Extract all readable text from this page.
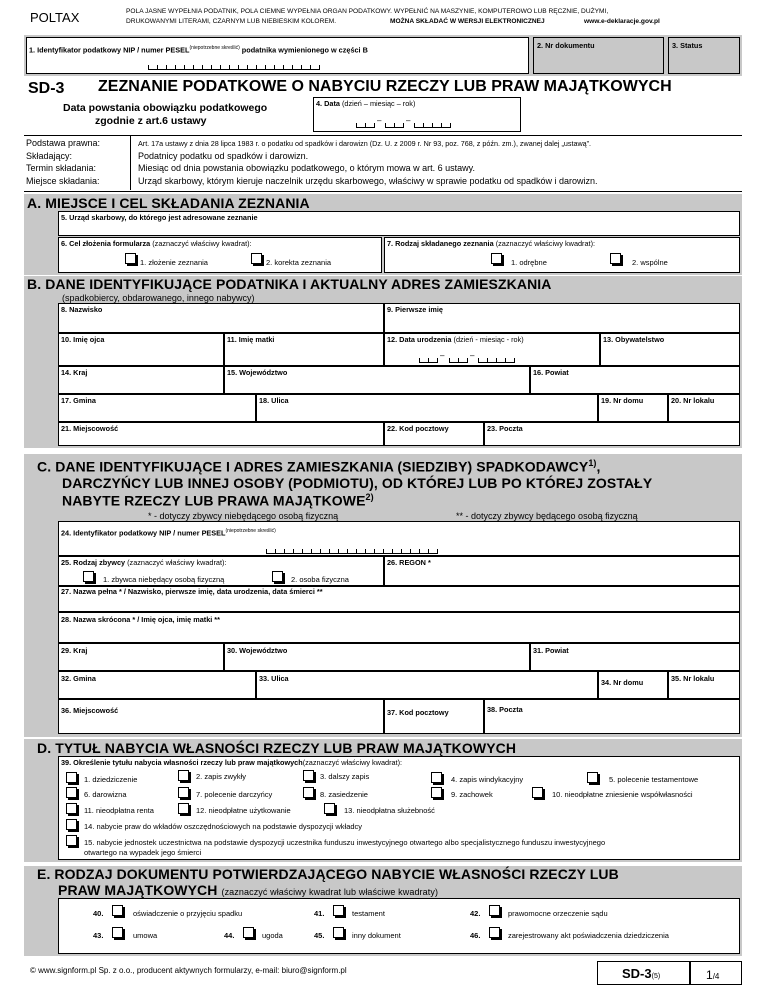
POLTAX	POLA JASNE WYPEŁNIA PODATNIK, POLA CIEMNE WYPEŁNIA ORGAN PODATKOWY. WYPEŁNIĆ NA MASZYNIE, KOMPUTEROWO LUB RĘCZNIE, DUŻYMI,
DRUKOWANYMI LITERAMI, CZARNYM LUB NIEBIESKIM KOLOREM.	MOŻNA SKŁADAĆ W WERSJI ELEKTRONICZNEJ	www.e-deklaracje.gov.pl
1. Identyfikator podatkowy NIP / numer $PESEL^{(niepotrzebne skreślić)}$ podatnika wymienionego w części B	2. Nr dokumentu	3. Status
SD-3 ZEZNANIE PODATKOWE O NABYCIU RZECZY LUB PRAW MAJĄTKOWYCH
Data powstania obowiązku podatkowego
zgodnie z art.6 ustawy
4. Data (dzień – miesiąc – rok)
–	–
Podstawa prawna:	Art. 17a ustawy z dnia 28 lipca 1983 r. o podatku od spadków i darowizn (Dz. U. z 2009 r. Nr 93, poz. 768, z późn. zm.), zwanej dalej „ustawą”.
Składający:	Podatnicy podatku od spadków i darowizn.
Termin składania:	Miesiąc od dnia powstania obowiązku podatkowego, o którym mowa w art. 6 ustawy.
Miejsce składania:	Urząd skarbowy, którym kieruje naczelnik urzędu skarbowego, właściwy w sprawie podatku od spadków i darowizn.
A. MIEJSCE I CEL SKŁADANIA ZEZNANIA
5. Urząd skarbowy, do którego jest adresowane zeznanie
6. Cel złożenia formularza (zaznaczyć właściwy kwadrat):
1. złożenie zeznania	2. korekta zeznania
7. Rodzaj składanego zeznania (zaznaczyć właściwy kwadrat):
1. odrębne	2. wspólne
B. DANE IDENTYFIKUJĄCE PODATNIKA I AKTUALNY ADRES ZAMIESZKANIA
(spadkobiercy, obdarowanego, innego nabywcy)
8. Nazwisko	9. Pierwsze imię
10. Imię ojca	11. Imię matki	12. Data urodzenia (dzień - miesiąc - rok)
–	–
13. Obywatelstwo
14. Kraj	15. Województwo	16. Powiat
17. Gmina	18. Ulica	19. Nr domu	20. Nr lokalu
21. Miejscowość	22. Kod pocztowy	23. Poczta
C. DANE IDENTYFIKUJĄCE I ADRES ZAMIESZKANIA (SIEDZIBY) SPADKODAWCY$^{1)}$,
DARCZYŃCY LUB INNEJ OSOBY (PODMIOTU), OD KTÓREJ LUB PO KTÓREJ ZOSTAŁY
NABYTE RZECZY LUB PRAWA MAJĄTKOWE$^{2)}$
* - dotyczy zbywcy niebędącego osobą fizyczną	** - dotyczy zbywcy będącego osobą fizyczną
24. Identyfikator podatkowy NIP / numer $PESEL^{(niepotrzebne skreślić)}$
25. Rodzaj zbywcy (zaznaczyć właściwy kwadrat):
1. zbywca niebędący osobą fizyczną	2. osoba fizyczna
26. REGON *
27. Nazwa pełna * / Nazwisko, pierwsze imię, data urodzenia, data śmierci **
28. Nazwa skrócona * / Imię ojca, imię matki **
29. Kraj	30. Województwo	31. Powiat
32. Gmina	33. Ulica	34. Nr domu	35. Nr lokalu
36. Miejscowość	37. Kod pocztowy	38. Poczta
D. TYTUŁ NABYCIA WŁASNOŚCI RZECZY LUB PRAW MAJĄTKOWYCH
39. Określenie tytułu nabycia własności rzeczy lub praw majątkowych(zaznaczyć właściwy kwadrat):
1. dziedziczenie	2. zapis zwykły	3. dalszy zapis	4. zapis windykacyjny	5. polecenie testamentowe
6. darowizna	7. polecenie darczyńcy	8. zasiedzenie	9. zachowek	10. nieodpłatne zniesienie współwłasności
11. nieodpłatna renta	12. nieodpłatne użytkowanie	13. nieodpłatna służebność
14. nabycie praw do wkładów oszczędnościowych na podstawie dyspozycji wkładcy
15. nabycie jednostek uczestnictwa na podstawie dyspozycji uczestnika funduszu inwestycyjnego otwartego albo specjalistycznego funduszu inwestycyjnego
otwartego na wypadek jego śmierci
E. RODZAJ DOKUMENTU POTWIERDZAJĄCEGO NABYCIE WŁASNOŚCI RZECZY LUB
PRAW MAJĄTKOWYCH (zaznaczyć właściwy kwadrat lub właściwe kwadraty)
40.	oświadczenie o przyjęciu spadku	41.	testament	42.	prawomocne orzeczenie sądu
43.	umowa	44.	ugoda	45.	inny dokument	46.	zarejestrowany akt poświadczenia dziedziczenia
© www.signform.pl Sp. z o.o., producent aktywnych formularzy, e-mail: biuro@signform.pl	SD-3(5)	1/4
